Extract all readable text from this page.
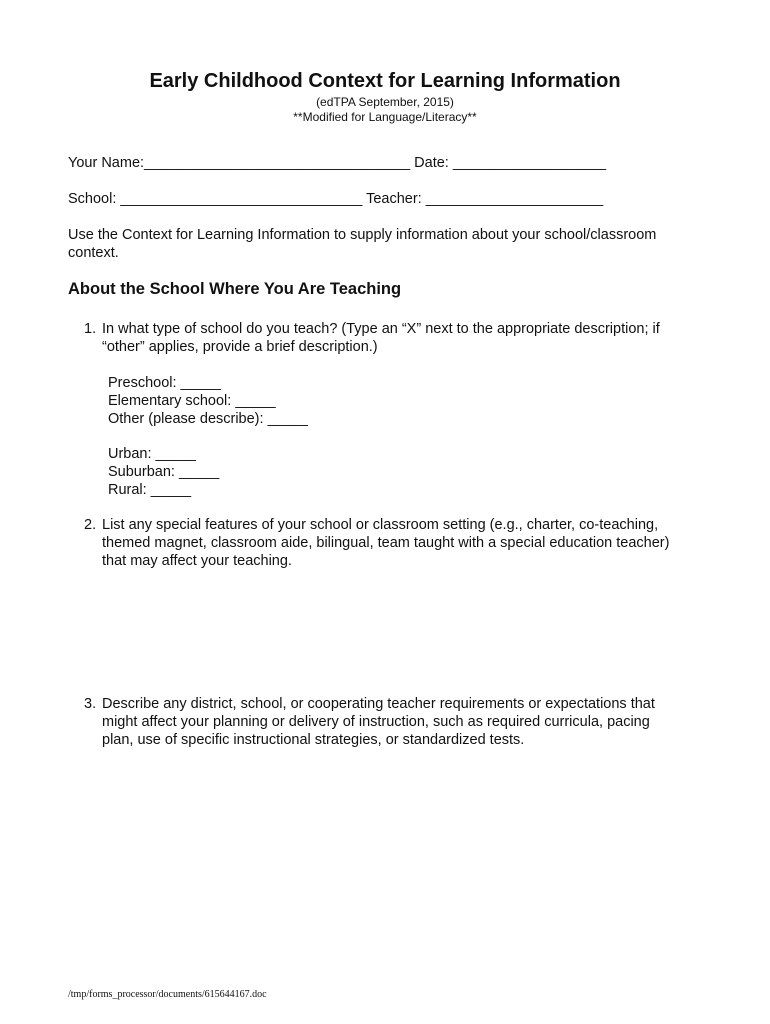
Early Childhood Context for Learning Information
(edTPA September, 2015)
**Modified for Language/Literacy**
Your Name:_________________________________ Date: ___________________
School: ______________________________ Teacher: ______________________
Use the Context for Learning Information to supply information about your school/classroom context.
About the School Where You Are Teaching
1. In what type of school do you teach? (Type an “X” next to the appropriate description; if
“other” applies, provide a brief description.)
Preschool: _____
Elementary school: _____
Other (please describe): _____
Urban: _____
Suburban: _____
Rural: _____
2. List any special features of your school or classroom setting (e.g., charter, co-teaching,
themed magnet, classroom aide, bilingual, team taught with a special education teacher)
that may affect your teaching.
3. Describe any district, school, or cooperating teacher requirements or expectations that
might affect your planning or delivery of instruction, such as required curricula, pacing
plan, use of specific instructional strategies, or standardized tests.
/tmp/forms_processor/documents/615644167.doc
